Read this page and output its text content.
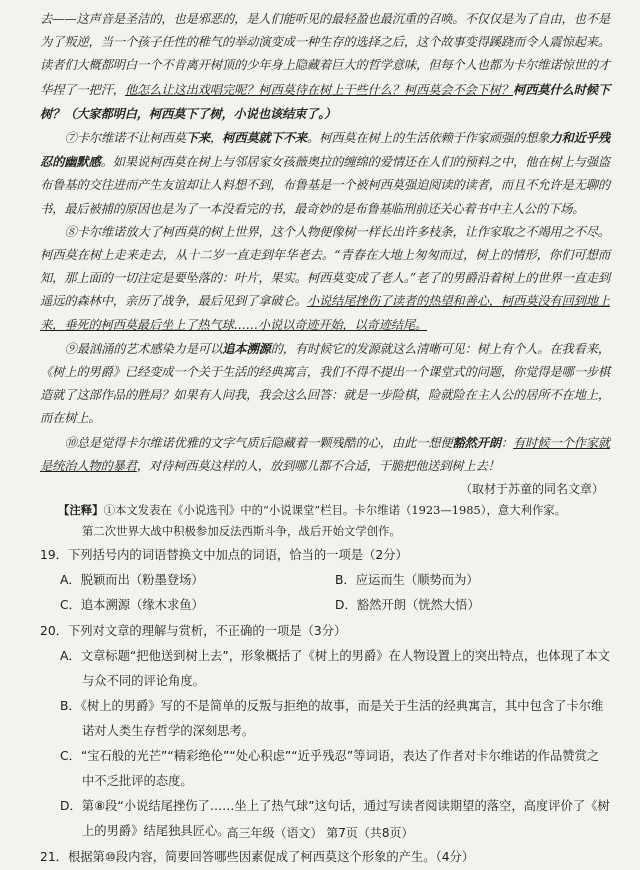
去——这声音是圣洁的，也是邪恶的，是人们能听见的最轻盈也最沉重的召唤。不仅仅是为了自由，也不是为了叛逆，当一个孩子任性的稚气的举动演变成一种生存的选择之后，这个故事变得蹊跷而令人震惊起来。读者们大概都明白一个不肯离开树顶的少年身上隐藏着巨大的哲学意味，但每个人也都为卡尔维诺惊世的才华捏了一把汗，他怎么让这出戏唱完呢？柯西莫待在树上干些什么？柯西莫会不会下树？柯西莫什么时候下树？（大家都明白，柯西莫下了树，小说也该结束了。）

⑦卡尔维诺不让柯西莫下来，柯西莫就下不来。柯西莫在树上的生活依赖于作家顽强的想象力和近乎残忍的幽默感。如果说柯西莫在树上与邻居家女孩薇奥拉的缠绵的爱情还在人们的预料之中，他在树上与强盗布鲁基的交往进而产生友谊却让人料想不到，布鲁基是一个被柯西莫强迫阅读的读者，而且不允许是无聊的书，最后被捕的原因也是为了一本没看完的书，最奇妙的是布鲁基临刑前还关心着书中主人公的下场。

⑧卡尔维诺放大了柯西莫的树上世界，这个人物便像树一样长出许多枝条，让作家取之不竭用之不尽。柯西莫在树上走来走去，从十二岁一直走到年华老去。“青春在大地上匆匆而过，树上的情形，你们可想而知，那上面的一切注定是要坠落的：叶片，果实。柯西莫变成了老人。”老了的男爵沿着树上的世界一直走到遥远的森林中，亲历了战争，最后见到了拿破仑。小说结尾挫伤了读者的热望和善心，柯西莫没有回到地上来，垂死的柯西莫最后坐上了热气球……小说以奇迹开始，以奇迹结尾。

⑨最汹涌的艺术感染力是可以追本溯源的，有时候它的发源就这么清晰可见：树上有个人。在我看来，《树上的男爵》已经变成一个关于生活的经典寓言，我们不得不提出一个课堂式的问题，你觉得是哪一步棋造就了这部作品的胜局？如果有人问我，我会这么回答：就是一步险棋，险就险在主人公的居所不在地上，而在树上。

⑩总是觉得卡尔维诺优雅的文字气质后隐藏着一颗残酷的心，由此一想便豁然开朗：有时候一个作家就是统治人物的暴君，对待柯西莫这样的人，放到哪儿都不合适，干脆把他送到树上去！

（取材于苏童的同名文章）

【注释】①本文发表在《小说选刊》中的“小说课堂”栏目。卡尔维诺（1923—1985），意大利作家。

第二次世界大战中积极参加反法西斯斗争，战后开始文学创作。

19．下列括号内的词语替换文中加点的词语，恰当的一项是（2分）

A．脱颖而出（粉墨登场）	B．应运而生（顺势而为）
C．追本溯源（缘木求鱼）	D．豁然开朗（恍然大悟）

20．下列对文章的理解与赏析，不正确的一项是（3分）

A．文章标题“把他送到树上去”，形象概括了《树上的男爵》在人物设置上的突出特点，也体现了本文与众不同的评论角度。

B．《树上的男爵》写的不是简单的反叛与拒绝的故事，而是关于生活的经典寓言，其中包含了卡尔维诺对人类生存哲学的深刻思考。

C．“宝石般的光芒”“精彩绝伦”“处心积虑”“近乎残忍”等词语，表达了作者对卡尔维诺的作品赞赏之中不乏批评的态度。

D．第⑧段“小说结尾挫伤了……坐上了热气球”这句话，通过写读者阅读期望的落空，高度评价了《树上的男爵》结尾独具匠心。

21．根据第⑩段内容，简要回答哪些因素促成了柯西莫这个形象的产生。（4分）

高三年级（语文） 第7页（共8页）
